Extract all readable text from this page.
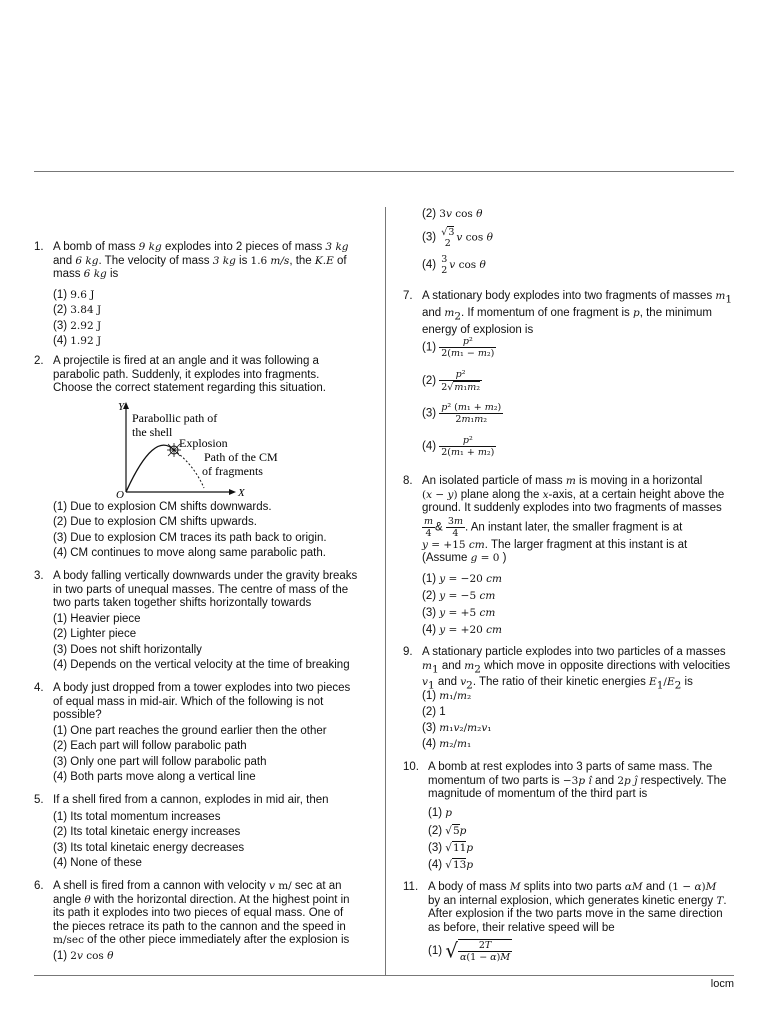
locm
1. A bomb of mass 9 kg explodes into 2 pieces of mass 3 kg
and 6 kg. The velocity of mass 3 kg is 1.6 m/s, the K.E of
mass 6 kg is
(1) 9.6 J
(2) 3.84 J
(3) 2.92 J
(4) 1.92 J
2. A projectile is fired at an angle and it was following a
parabolic path. Suddenly, it explodes into fragments.
Choose the correct statement regarding this situation.
Y
X
O
Parabollic path of the shell
Explosion
Path of the CM of fragments
(1) Due to explosion CM shifts downwards.
(2) Due to explosion CM shifts upwards.
(3) Due to explosion CM traces its path back to origin.
(4) CM continues to move along same parabolic path.
3. A body falling vertically downwards under the gravity breaks
in two parts of unequal masses. The centre of mass of the
two parts taken together shifts horizontally towards
(1) Heavier piece
(2) Lighter piece
(3) Does not shift horizontally
(4) Depends on the vertical velocity at the time of breaking
4. A body just dropped from a tower explodes into two pieces
of equal mass in mid-air. Which of the following is not
possible?
(1) One part reaches the ground earlier then the other
(2) Each part will follow parabolic path
(3) Only one part will follow parabolic path
(4) Both parts move along a vertical line
5. If a shell fired from a cannon, explodes in mid air, then
(1) Its total momentum increases
(2) Its total kinetaic energy increases
(3) Its total kinetaic energy decreases
(4) None of these
6. A shell is fired from a cannon with velocity v m/ sec at an
angle θ with the horizontal direction. At the highest point in
its path it explodes into two pieces of equal mass. One of
the pieces retrace its path to the cannon and the speed in
m/sec of the other piece immediately after the explosion is
(1) 2v cos θ
(2) 3v cos θ
(3) √3
2 v cos θ
(4) 3
2 v cos θ
7. A stationary body explodes into two fragments of masses $m_1$
and $m_2$. If momentum of one fragment is p, the minimum
energy of explosion is
$(1) \frac{\text{p²}}{\text{2(m₁ − m₂)}}$
$(2) \frac{\text{p²}}{\text{2√m₁m₂}}$
$(3) \frac{\text{p² (m₁ + m₂)}}{\text{2m₁m₂}}$
$(4) \frac{\text{p²}}{\text{2(m₁ + m₂)}}$
8. An isolated particle of mass m is moving in a horizontal
(x − y) plane along the x-axis, at a certain height above the
ground. It suddenly explodes into two fragments of masses

$\frac{m}{4}$ & $\frac{3m}{4}$ . An instant later, the smaller fragment is at
y = +15 cm. The larger fragment at this instant is at
(Assume g = 0 )
(1) y = −20 cm
(2) y = −5 cm
(3) y = +5 cm
(4) y = +20 cm
9. A stationary particle explodes into two particles of a masses
$m_1$ and $m_2$ which move in opposite directions with velocities
$v_1$ and $v_2$. The ratio of their kinetic energies $E_1/E_2$ is
(1) m₁/m₂
(2) 1
(3) m₁v₂/m₂v₁
(4) m₂/m₁
10. A bomb at rest explodes into 3 parts of same mass. The
momentum of two parts is −3p î and 2p ĵ respectively. The
magnitude of momentum of the third part is
(1) p
(2) √5p
(3) √11p
(4) √13p
11. A body of mass M splits into two parts αM and (1 − α)M
by an internal explosion, which generates kinetic energy T.
After explosion if the two parts move in the same direction
as before, their relative speed will be
(1) √ $\frac{2T}{\alpha(1 - \alpha)M}$
